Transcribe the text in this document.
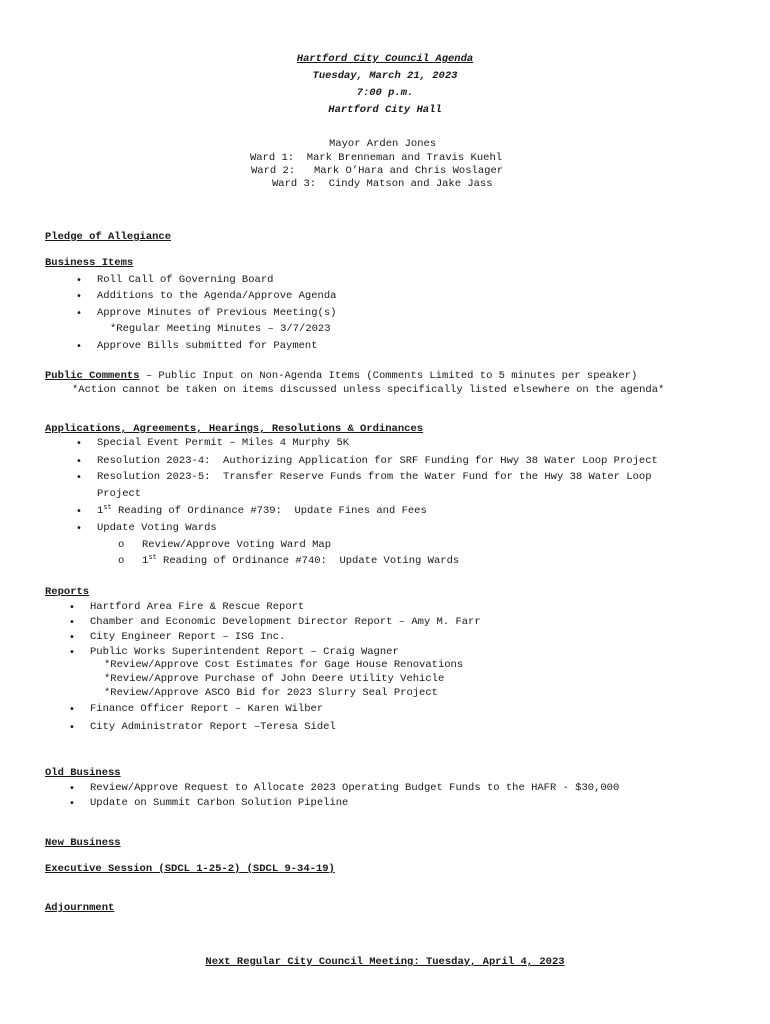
Hartford City Council Agenda
Tuesday, March 21, 2023
7:00 p.m.
Hartford City Hall
Mayor Arden Jones
Ward 1:  Mark Brenneman and Travis Kuehl
Ward 2:   Mark O’Hara and Chris Woslager
Ward 3:  Cindy Matson and Jake Jass
Pledge of Allegiance
Business Items
• Roll Call of Governing Board
• Additions to the Agenda/Approve Agenda
• Approve Minutes of Previous Meeting(s)
*Regular Meeting Minutes – 3/7/2023
• Approve Bills submitted for Payment
Public Comments – Public Input on Non-Agenda Items (Comments Limited to 5 minutes per speaker)
*Action cannot be taken on items discussed unless specifically listed elsewhere on the agenda*
Applications, Agreements, Hearings, Resolutions & Ordinances
• Special Event Permit – Miles 4 Murphy 5K
• Resolution 2023-4:  Authorizing Application for SRF Funding for Hwy 38 Water Loop Project
• Resolution 2023-5:  Transfer Reserve Funds from the Water Fund for the Hwy 38 Water Loop
Project
• 1st Reading of Ordinance #739:  Update Fines and Fees
• Update Voting Wards
o Review/Approve Voting Ward Map
o 1st Reading of Ordinance #740:  Update Voting Wards
Reports
• Hartford Area Fire & Rescue Report
• Chamber and Economic Development Director Report – Amy M. Farr
• City Engineer Report – ISG Inc.
• Public Works Superintendent Report – Craig Wagner
*Review/Approve Cost Estimates for Gage House Renovations
*Review/Approve Purchase of John Deere Utility Vehicle
*Review/Approve ASCO Bid for 2023 Slurry Seal Project
• Finance Officer Report – Karen Wilber
• City Administrator Report –Teresa Sidel
Old Business
• Review/Approve Request to Allocate 2023 Operating Budget Funds to the HAFR - $30,000
• Update on Summit Carbon Solution Pipeline
New Business
Executive Session (SDCL 1-25-2) (SDCL 9-34-19)
Adjournment
Next Regular City Council Meeting: Tuesday, April 4, 2023
